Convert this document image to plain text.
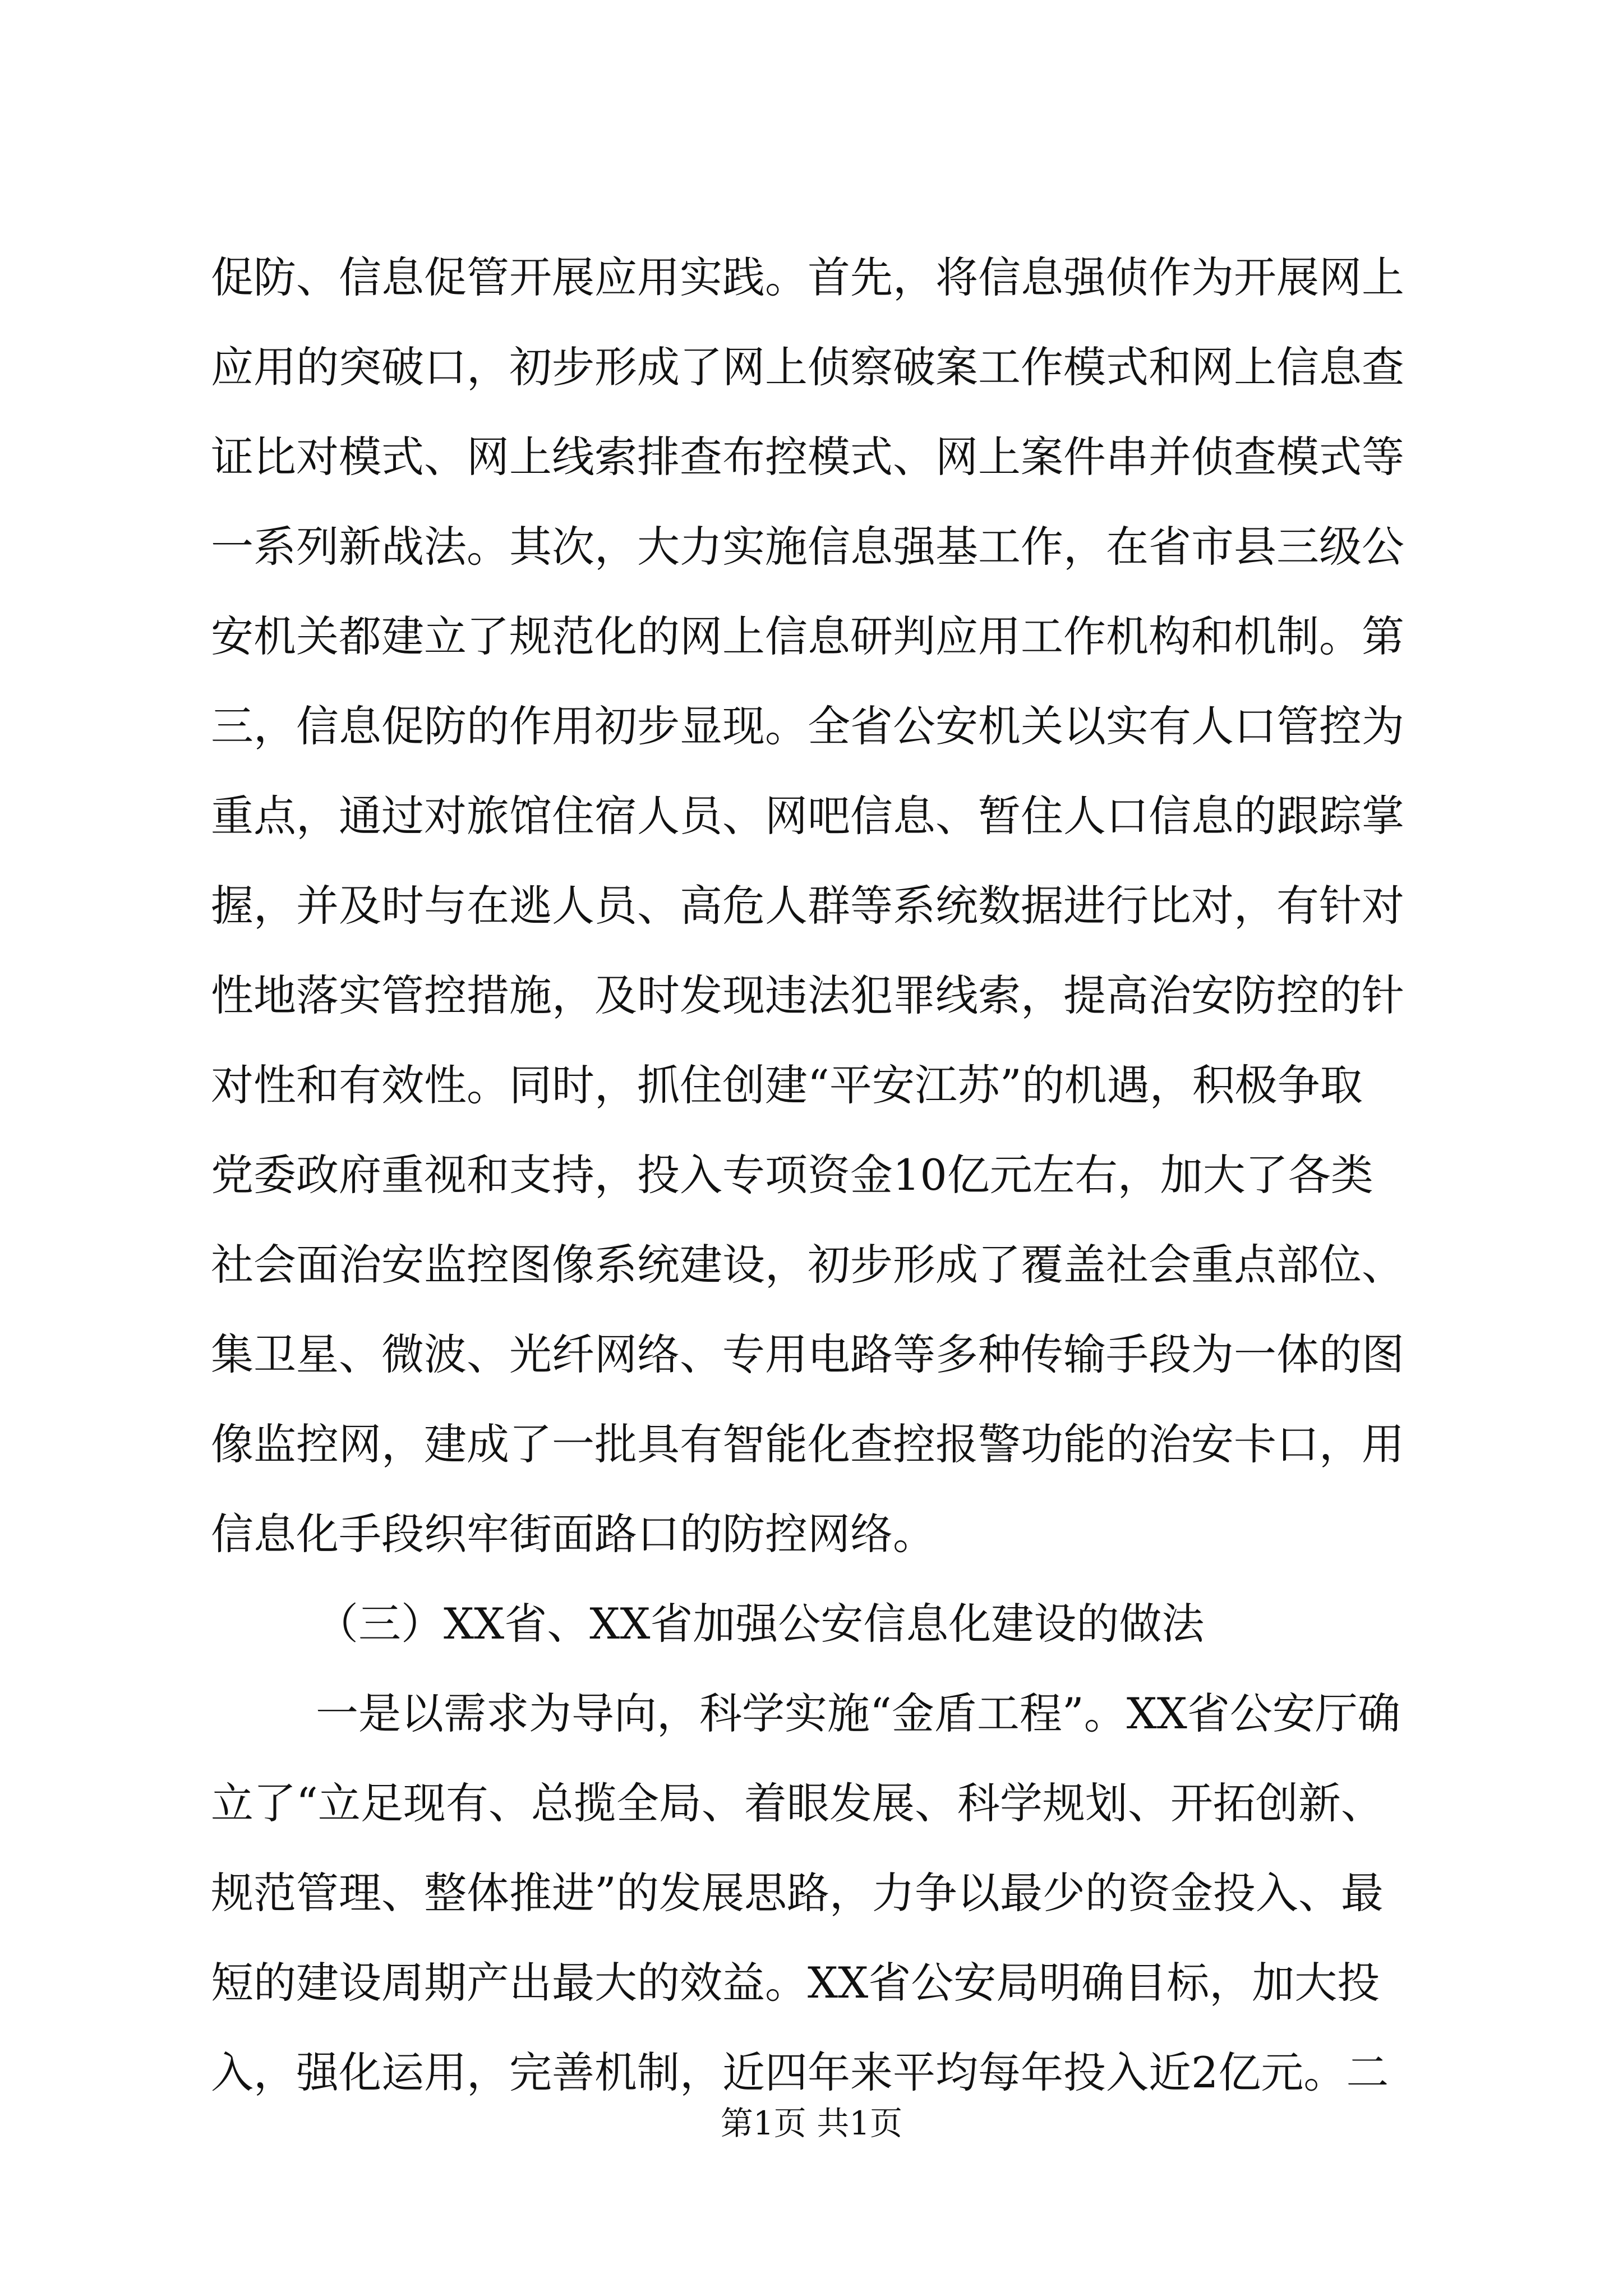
促防、信息促管开展应用实践。首先，将信息强侦作为开展网上
应用的突破口，初步形成了网上侦察破案工作模式和网上信息查
证比对模式、网上线索排查布控模式、网上案件串并侦查模式等
一系列新战法。其次，大力实施信息强基工作，在省市县三级公
安机关都建立了规范化的网上信息研判应用工作机构和机制。第
三，信息促防的作用初步显现。全省公安机关以实有人口管控为
重点，通过对旅馆住宿人员、网吧信息、暂住人口信息的跟踪掌
握，并及时与在逃人员、高危人群等系统数据进行比对，有针对
性地落实管控措施，及时发现违法犯罪线索，提高治安防控的针
对性和有效性。同时，抓住创建“平安江苏”的机遇，积极争取
党委政府重视和支持，投入专项资金10亿元左右，加大了各类
社会面治安监控图像系统建设，初步形成了覆盖社会重点部位、
集卫星、微波、光纤网络、专用电路等多种传输手段为一体的图
像监控网，建成了一批具有智能化查控报警功能的治安卡口，用
信息化手段织牢街面路口的防控网络。
（三）XX省、XX省加强公安信息化建设的做法
一是以需求为导向，科学实施“金盾工程”。XX省公安厅确
立了“立足现有、总揽全局、着眼发展、科学规划、开拓创新、
规范管理、整体推进”的发展思路，力争以最少的资金投入、最
短的建设周期产出最大的效益。XX省公安局明确目标，加大投
入，强化运用，完善机制，近四年来平均每年投入近2亿元。二
第1页 共1页
